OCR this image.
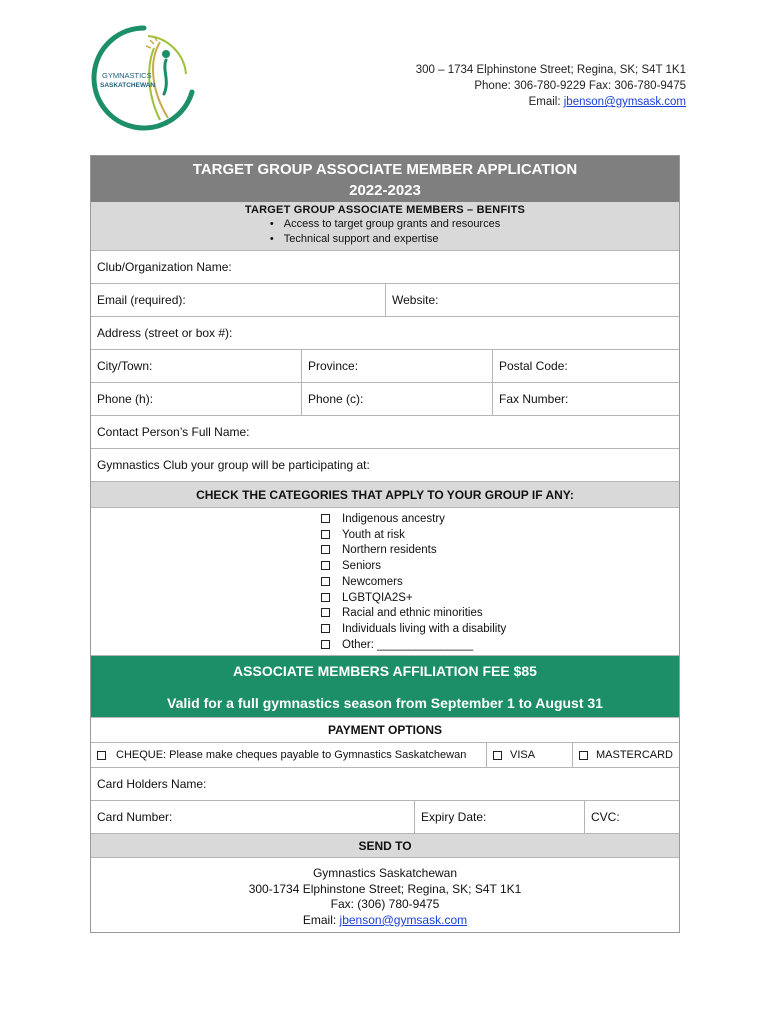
GYMNASTICS
SASKATCHEWAN
300 – 1734 Elphinstone Street; Regina, SK; S4T 1K1
Phone: 306-780-9229 Fax: 306-780-9475
Email: jbenson@gymsask.com
TARGET GROUP ASSOCIATE MEMBER APPLICATION
2022-2023
TARGET GROUP ASSOCIATE MEMBERS – BENFITS
• Access to target group grants and resources
• Technical support and expertise
Club/Organization Name:
Email (required):	Website:
Address (street or box #):
City/Town:	Province:	Postal Code:
Phone (h):	Phone (c):	Fax Number:
Contact Person’s Full Name:
Gymnastics Club your group will be participating at:
CHECK THE CATEGORIES THAT APPLY TO YOUR GROUP IF ANY:
Indigenous ancestry
Youth at risk
Northern residents
Seniors
Newcomers
LGBTQIA2S+
Racial and ethnic minorities
Individuals living with a disability
Other: _______________
ASSOCIATE MEMBERS AFFILIATION FEE $85
Valid for a full gymnastics season from September 1 to August 31
PAYMENT OPTIONS
CHEQUE: Please make cheques payable to Gymnastics Saskatchewan	VISA	MASTERCARD
Card Holders Name:
Card Number:	Expiry Date:	CVC:
SEND TO
Gymnastics Saskatchewan
300-1734 Elphinstone Street; Regina, SK; S4T 1K1
Fax: (306) 780-9475
Email: jbenson@gymsask.com
